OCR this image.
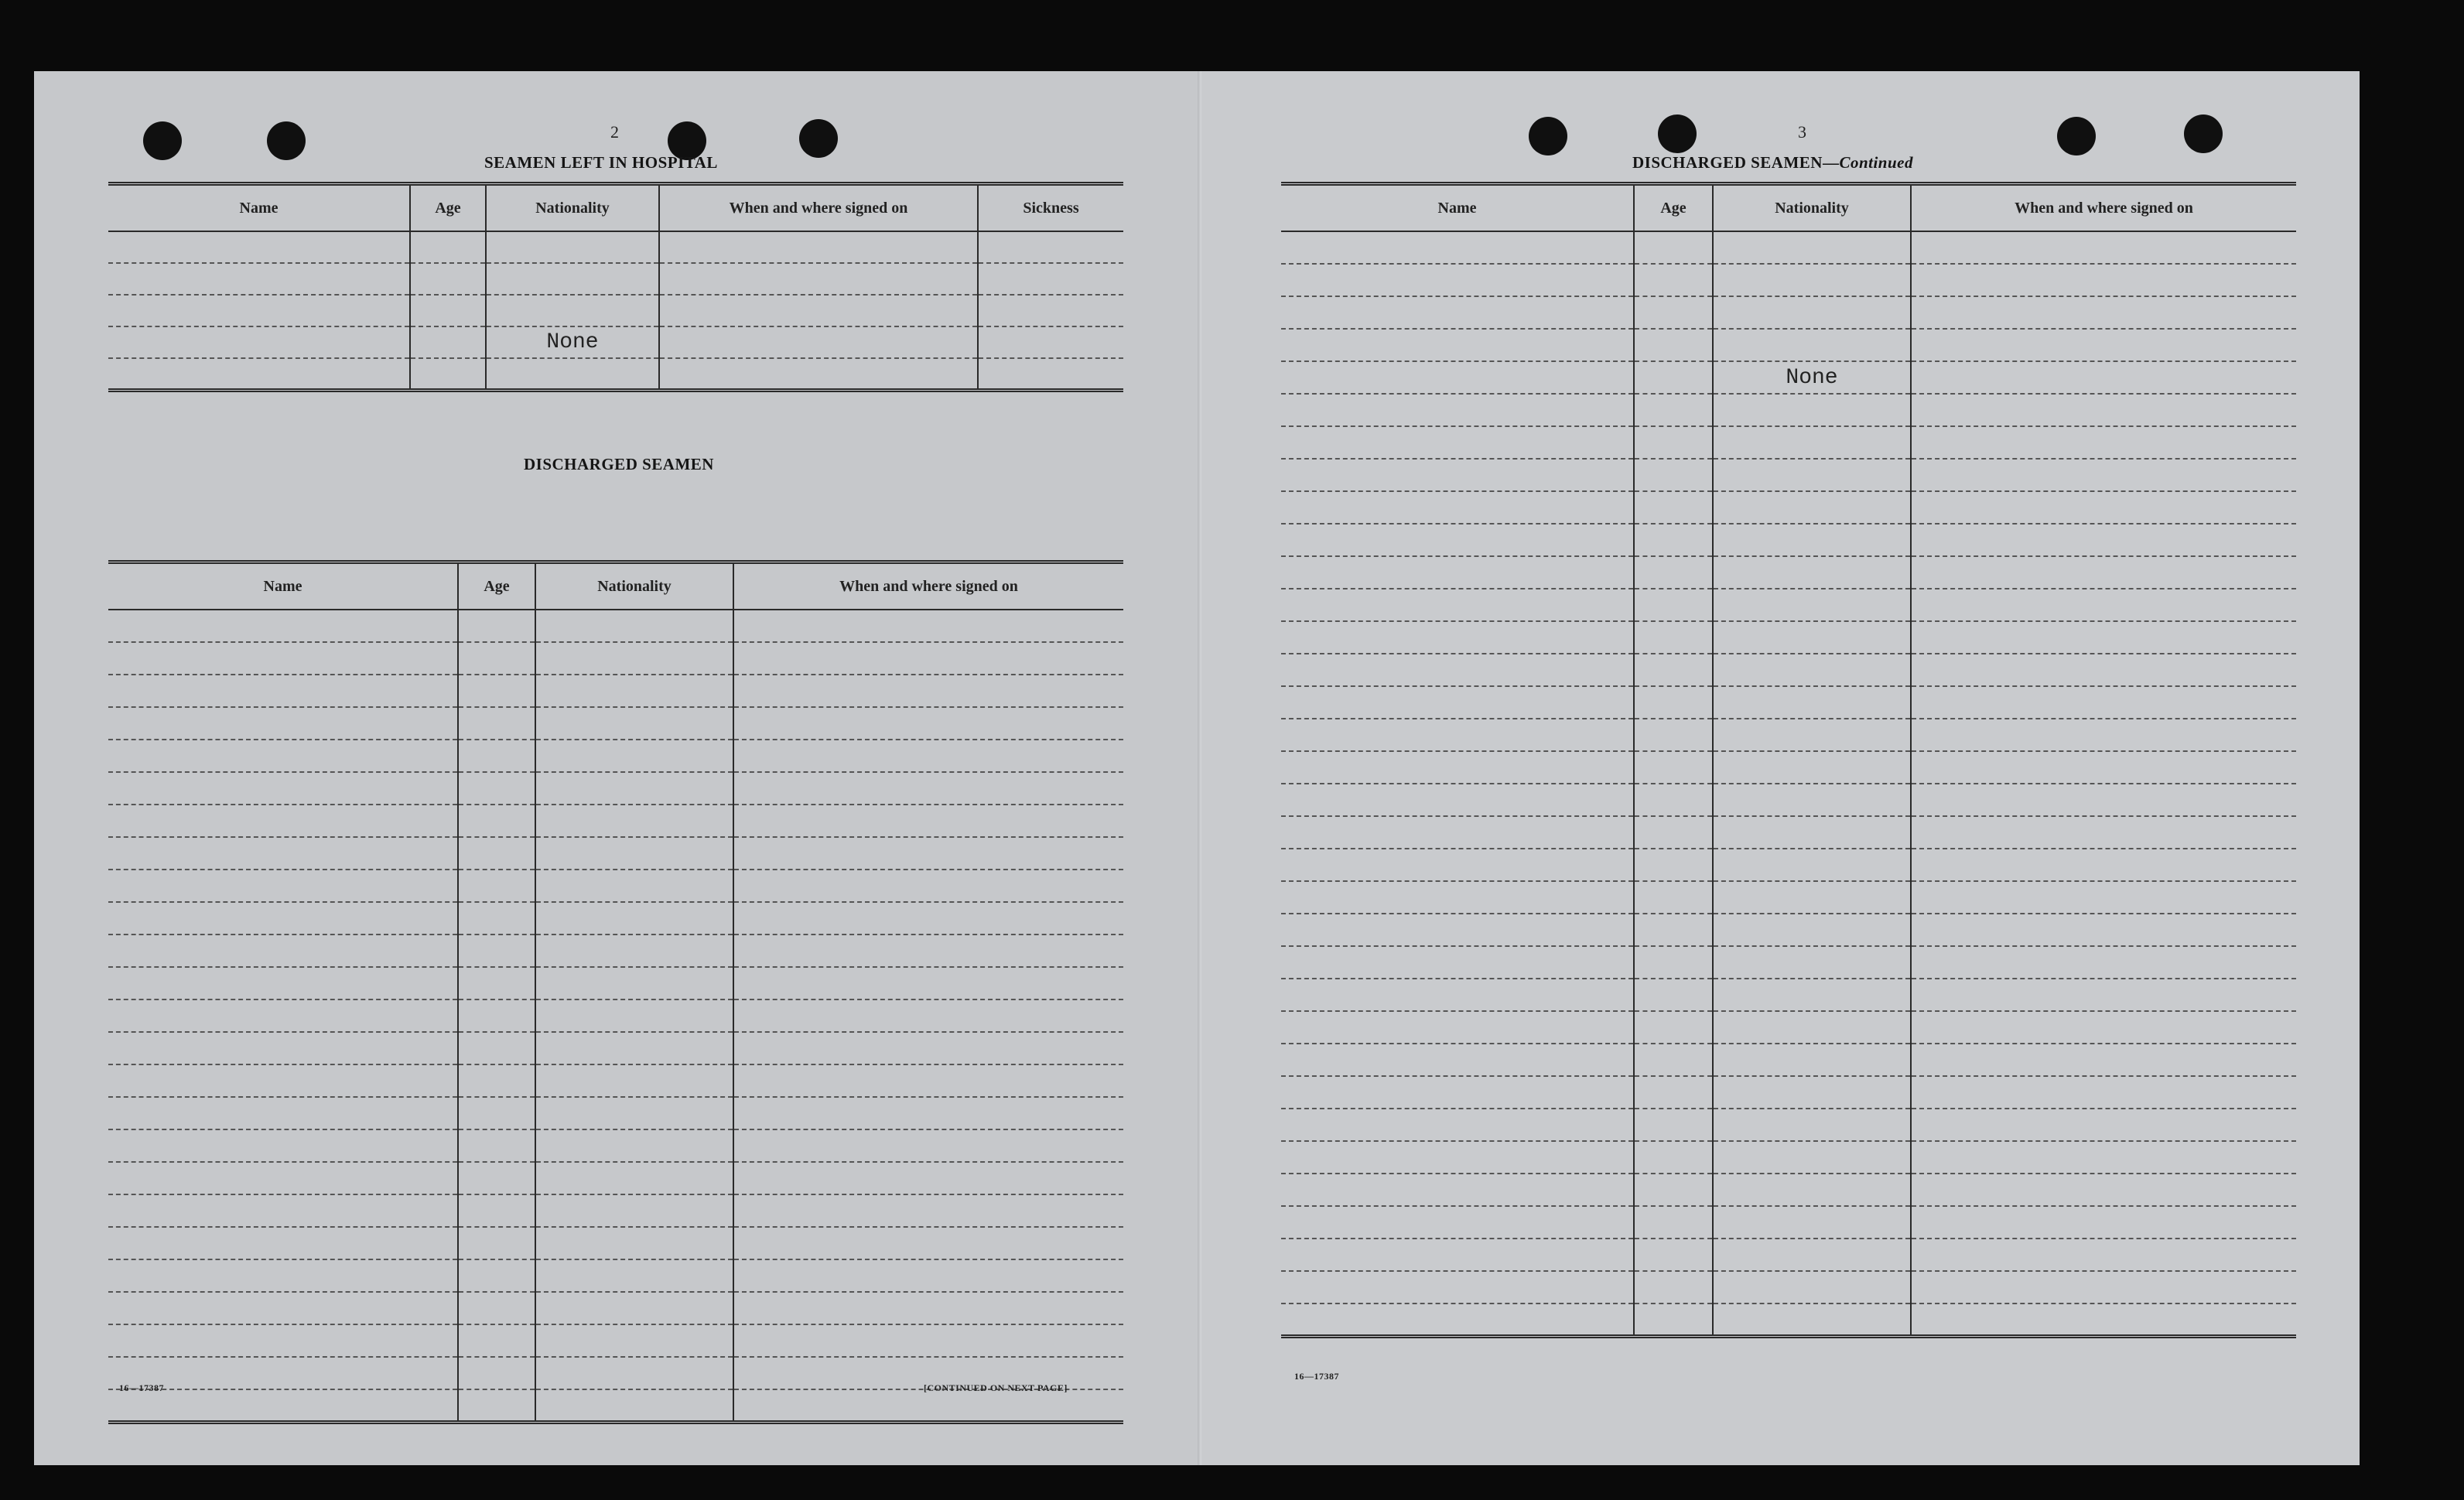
2
SEAMEN LEFT IN HOSPITAL
Name	Age	Nationality	When and where signed on	Sickness

		None		

DISCHARGED SEAMEN
Name	Age	Nationality	When and where signed on

16—17387	[CONTINUED ON NEXT PAGE]
3
DISCHARGED SEAMEN—Continued
Name	Age	Nationality	When and where signed on

		None	

16—17387
